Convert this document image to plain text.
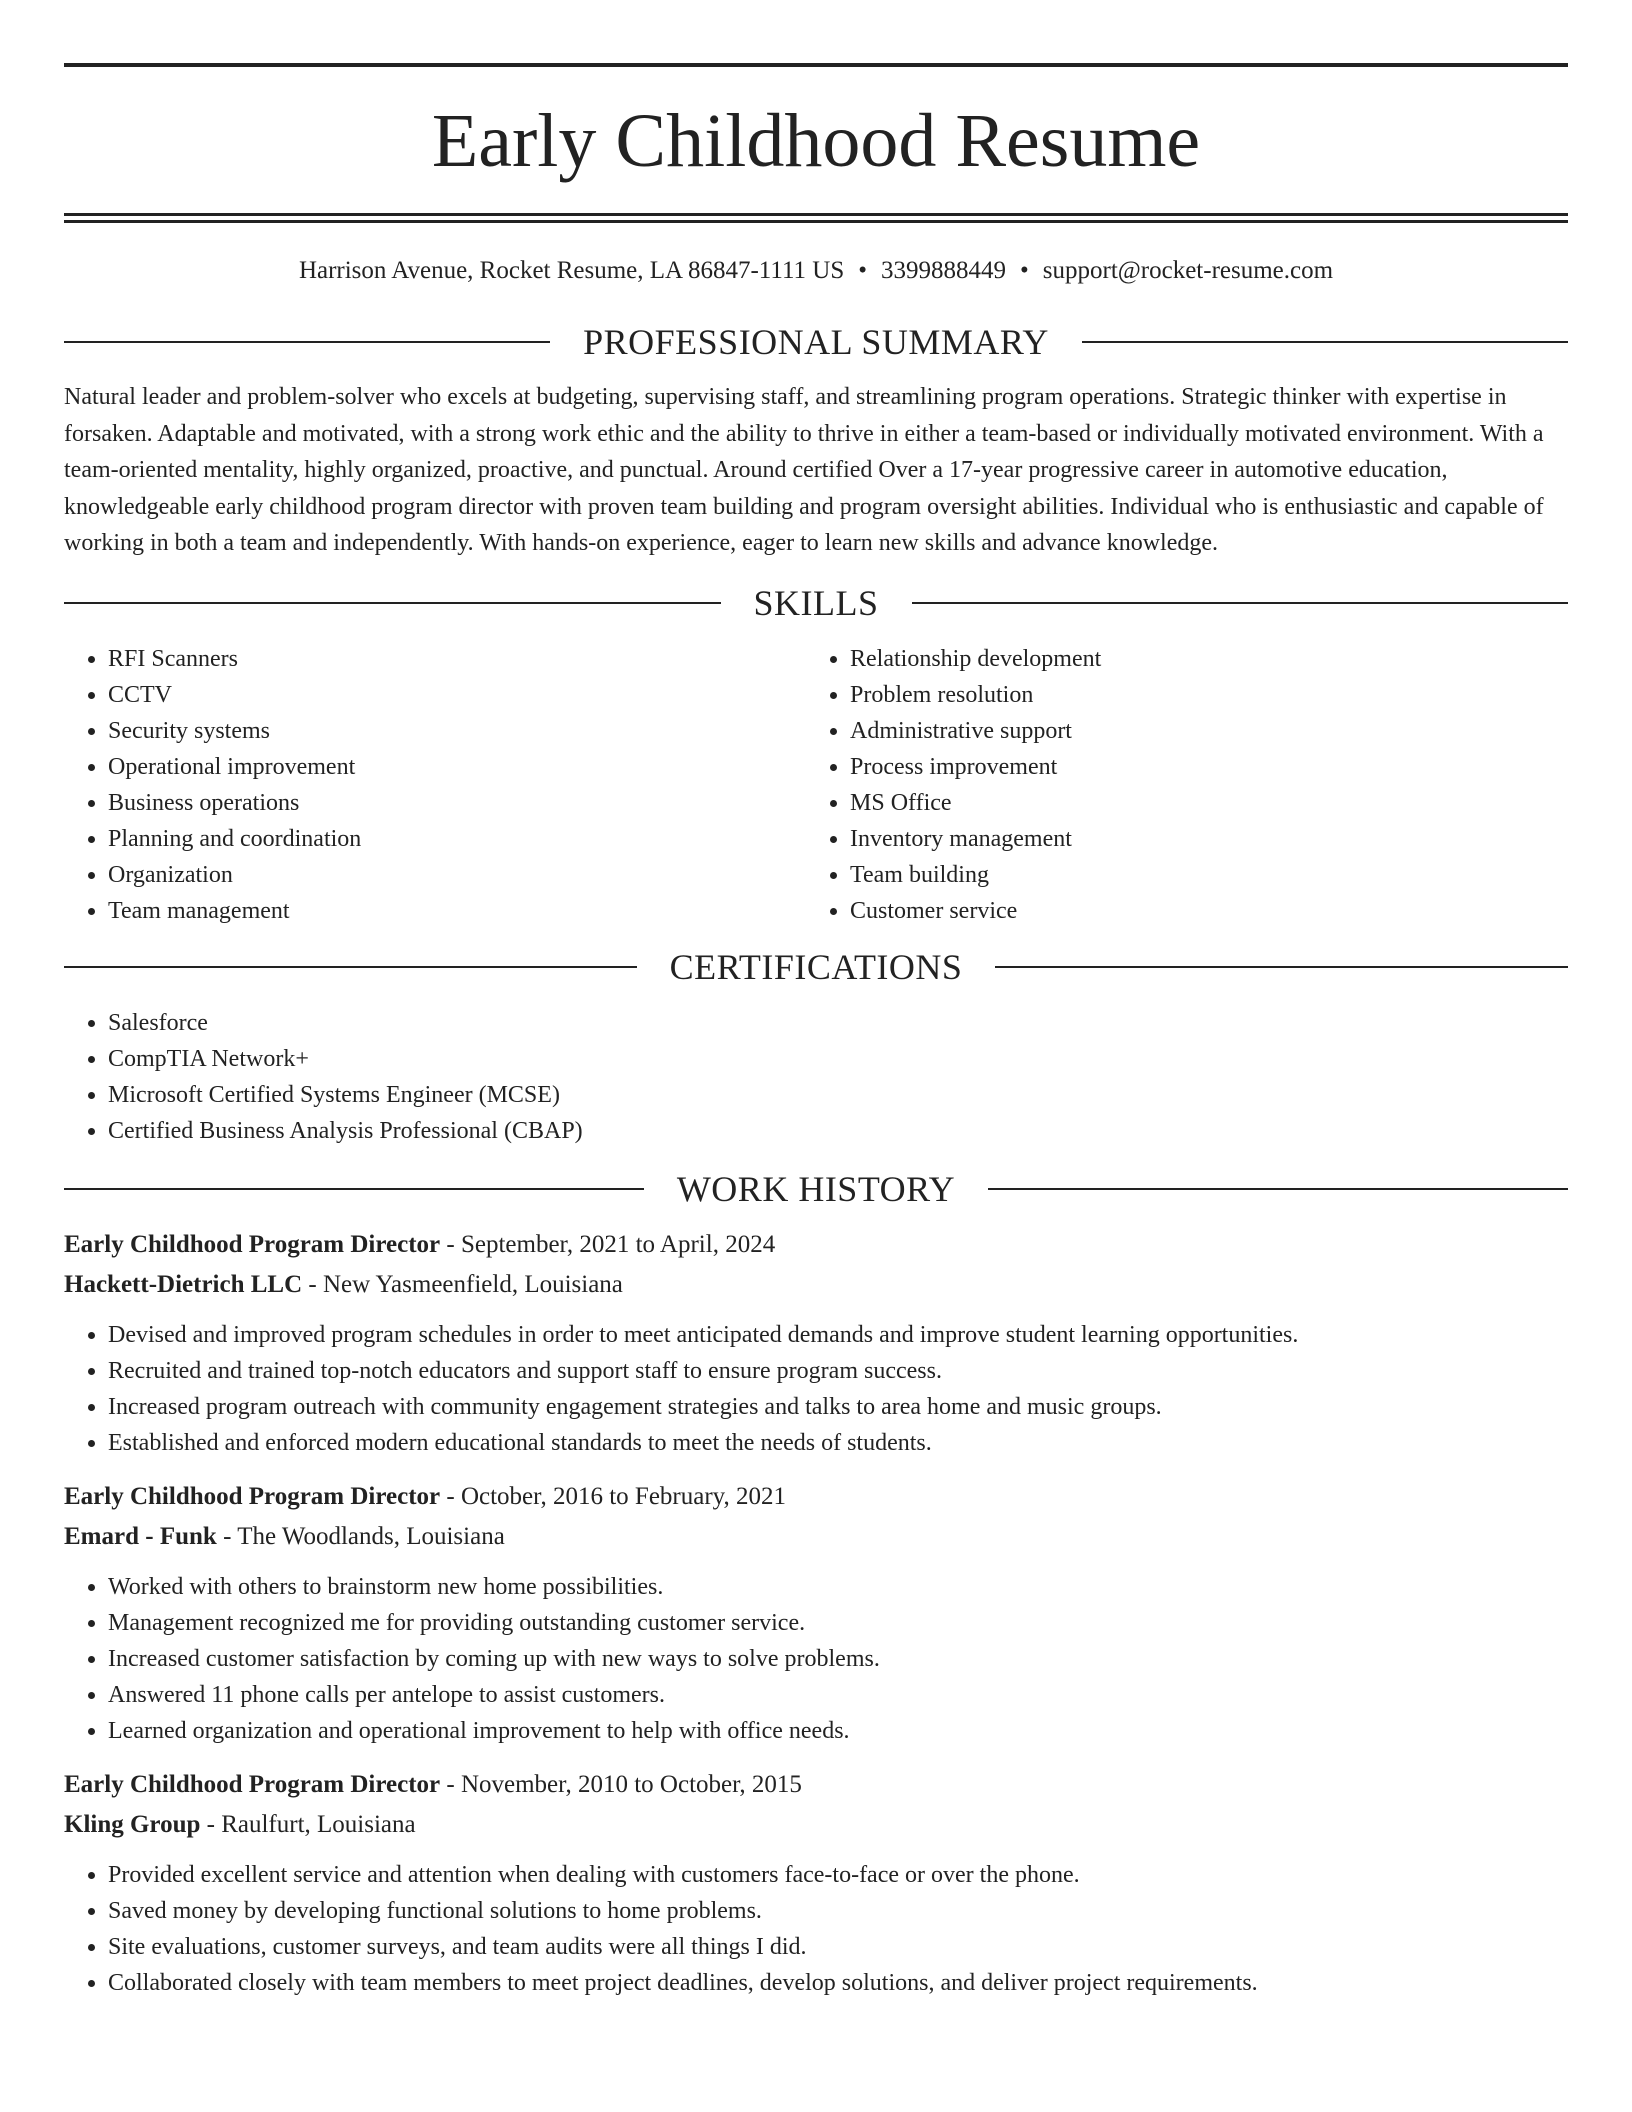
Early Childhood Resume
Harrison Avenue, Rocket Resume, LA 86847-1111 US • 3399888449 • support@rocket-resume.com
PROFESSIONAL SUMMARY

Natural leader and problem-solver who excels at budgeting, supervising staff, and streamlining program operations. Strategic thinker with expertise in forsaken. Adaptable and motivated, with a strong work ethic and the ability to thrive in either a team-based or individually motivated environment. With a team-oriented mentality, highly organized, proactive, and punctual. Around certified Over a 17-year progressive career in automotive education, knowledgeable early childhood program director with proven team building and program oversight abilities. Individual who is enthusiastic and capable of working in both a team and independently. With hands-on experience, eager to learn new skills and advance knowledge.

SKILLS
• RFI Scanners
• CCTV
• Security systems
• Operational improvement
• Business operations
• Planning and coordination
• Organization
• Team management
• Relationship development
• Problem resolution
• Administrative support
• Process improvement
• MS Office
• Inventory management
• Team building
• Customer service
CERTIFICATIONS
• Salesforce
• CompTIA Network+
• Microsoft Certified Systems Engineer (MCSE)
• Certified Business Analysis Professional (CBAP)
WORK HISTORY
Early Childhood Program Director - September, 2021 to April, 2024
Hackett-Dietrich LLC - New Yasmeenfield, Louisiana
• Devised and improved program schedules in order to meet anticipated demands and improve student learning opportunities.
• Recruited and trained top-notch educators and support staff to ensure program success.
• Increased program outreach with community engagement strategies and talks to area home and music groups.
• Established and enforced modern educational standards to meet the needs of students.
Early Childhood Program Director - October, 2016 to February, 2021
Emard - Funk - The Woodlands, Louisiana
• Worked with others to brainstorm new home possibilities.
• Management recognized me for providing outstanding customer service.
• Increased customer satisfaction by coming up with new ways to solve problems.
• Answered 11 phone calls per antelope to assist customers.
• Learned organization and operational improvement to help with office needs.
Early Childhood Program Director - November, 2010 to October, 2015
Kling Group - Raulfurt, Louisiana
• Provided excellent service and attention when dealing with customers face-to-face or over the phone.
• Saved money by developing functional solutions to home problems.
• Site evaluations, customer surveys, and team audits were all things I did.
• Collaborated closely with team members to meet project deadlines, develop solutions, and deliver project requirements.
